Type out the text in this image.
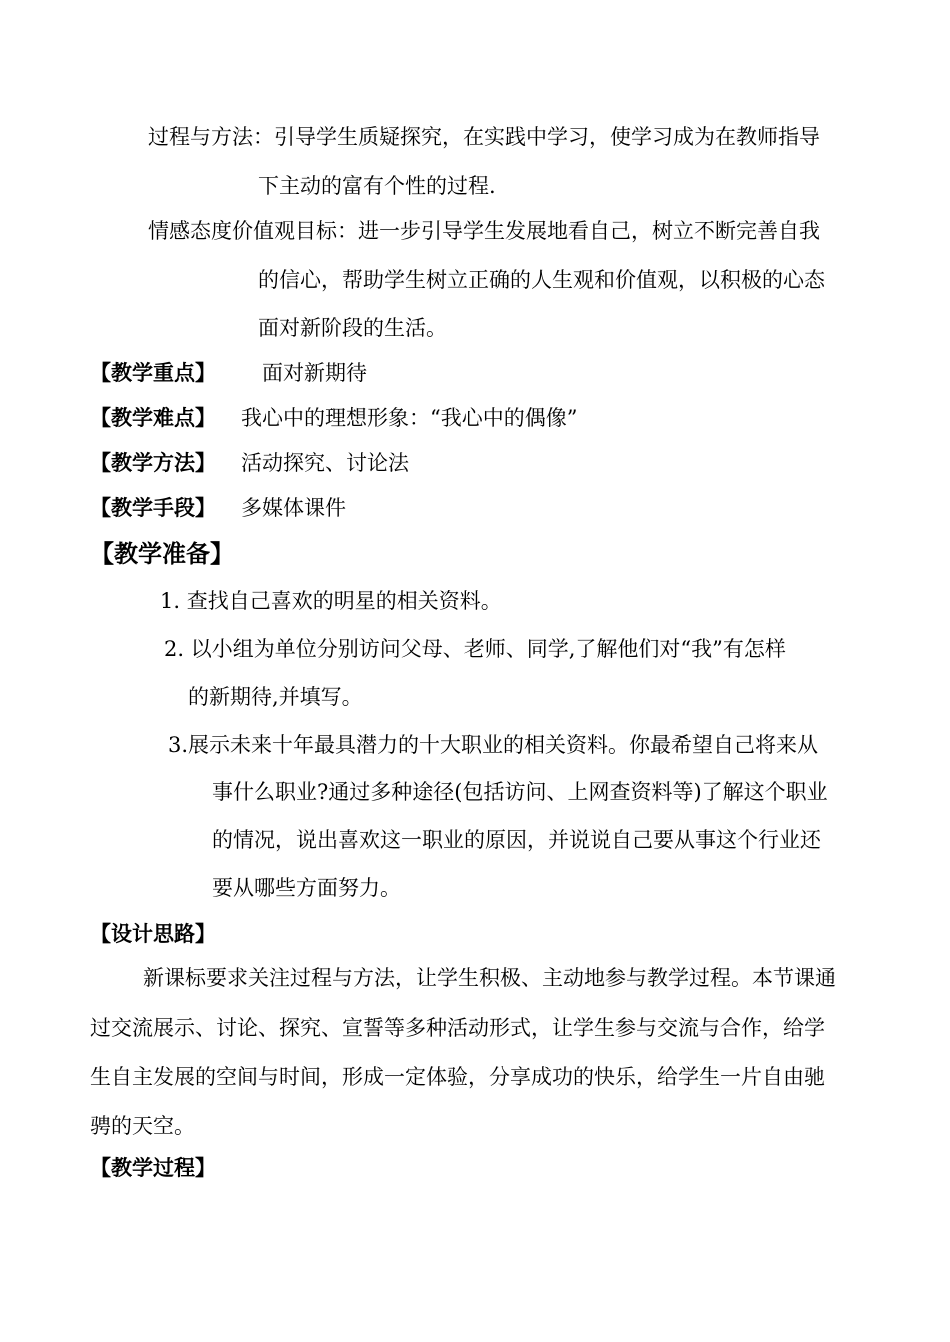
过程与方法：引导学生质疑探究，在实践中学习，使学习成为在教师指导
下主动的富有个性的过程.
情感态度价值观目标：进一步引导学生发展地看自己，树立不断完善自我
的信心，帮助学生树立正确的人生观和价值观，以积极的心态
面对新阶段的生活。
【教学重点】 面对新期待
【教学难点】 我心中的理想形象：“我心中的偶像”
【教学方法】 活动探究、讨论法
【教学手段】 多媒体课件
【教学准备】
1. 查找自己喜欢的明星的相关资料。
2. 以小组为单位分别访问父母、老师、同学,了解他们对“我”有怎样
的新期待,并填写。
3.展示未来十年最具潜力的十大职业的相关资料。你最希望自己将来从
事什么职业?通过多种途径(包括访问、上网查资料等)了解这个职业
的情况，说出喜欢这一职业的原因，并说说自己要从事这个行业还
要从哪些方面努力。
【设计思路】
新课标要求关注过程与方法，让学生积极、主动地参与教学过程。本节课通
过交流展示、讨论、探究、宣誓等多种活动形式，让学生参与交流与合作，给学
生自主发展的空间与时间，形成一定体验，分享成功的快乐，给学生一片自由驰
骋的天空。
【教学过程】
